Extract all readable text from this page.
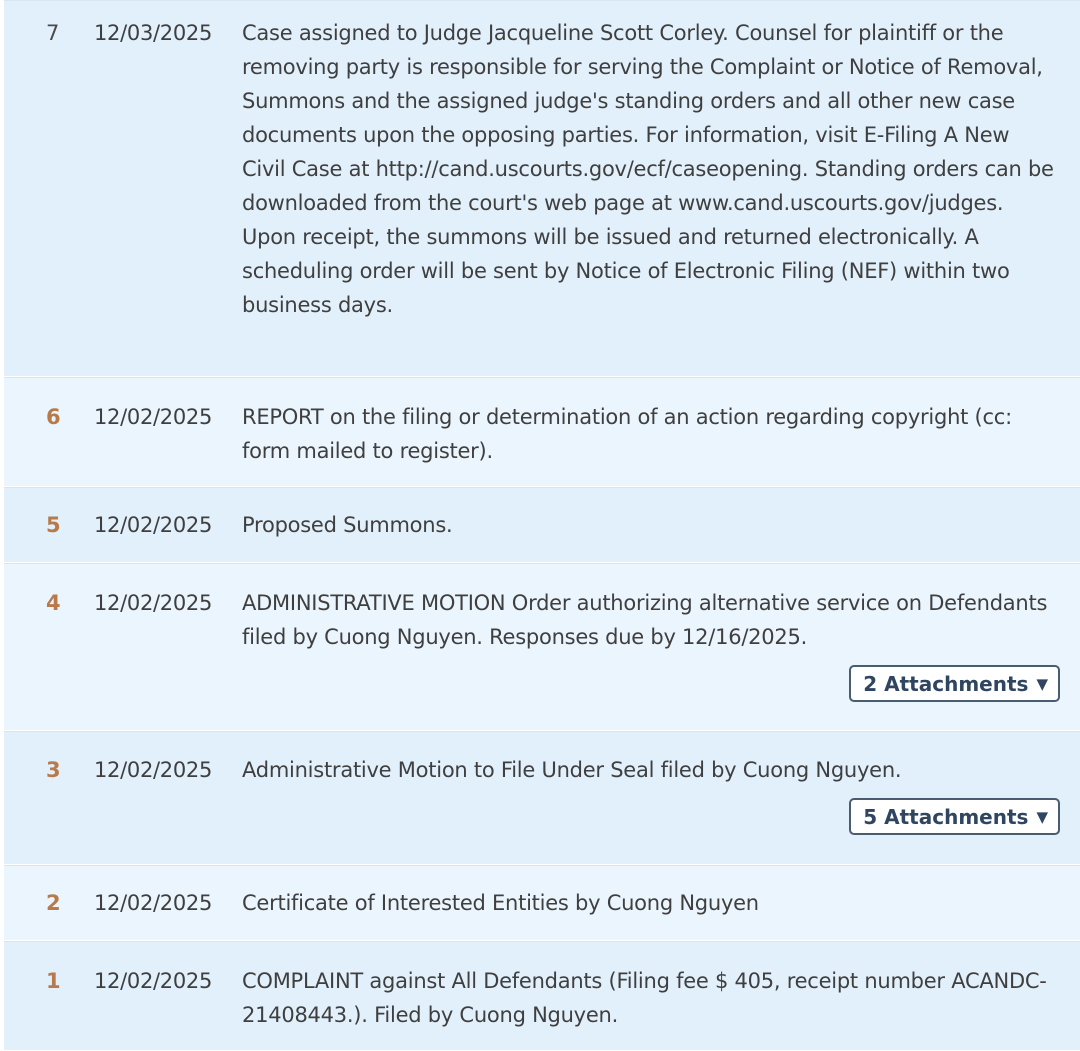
7	12/03/2025	Case assigned to Judge Jacqueline Scott Corley. Counsel for plaintiff or the removing party is responsible for serving the Complaint or Notice of Removal, Summons and the assigned judge's standing orders and all other new case documents upon the opposing parties. For information, visit E-Filing A New Civil Case at http://cand.uscourts.gov/ecf/caseopening. Standing orders can be downloaded from the court's web page at www.cand.uscourts.gov/judges. Upon receipt, the summons will be issued and returned electronically. A scheduling order will be sent by Notice of Electronic Filing (NEF) within two business days.
6	12/02/2025	REPORT on the filing or determination of an action regarding copyright (cc: form mailed to register).
5	12/02/2025	Proposed Summons.
4	12/02/2025	ADMINISTRATIVE MOTION Order authorizing alternative service on Defendants filed by Cuong Nguyen. Responses due by 12/16/2025.
2 Attachments ▼
3	12/02/2025	Administrative Motion to File Under Seal filed by Cuong Nguyen.
5 Attachments ▼
2	12/02/2025	Certificate of Interested Entities by Cuong Nguyen
1	12/02/2025	COMPLAINT against All Defendants (Filing fee $ 405, receipt number ACANDC-21408443.). Filed by Cuong Nguyen.
